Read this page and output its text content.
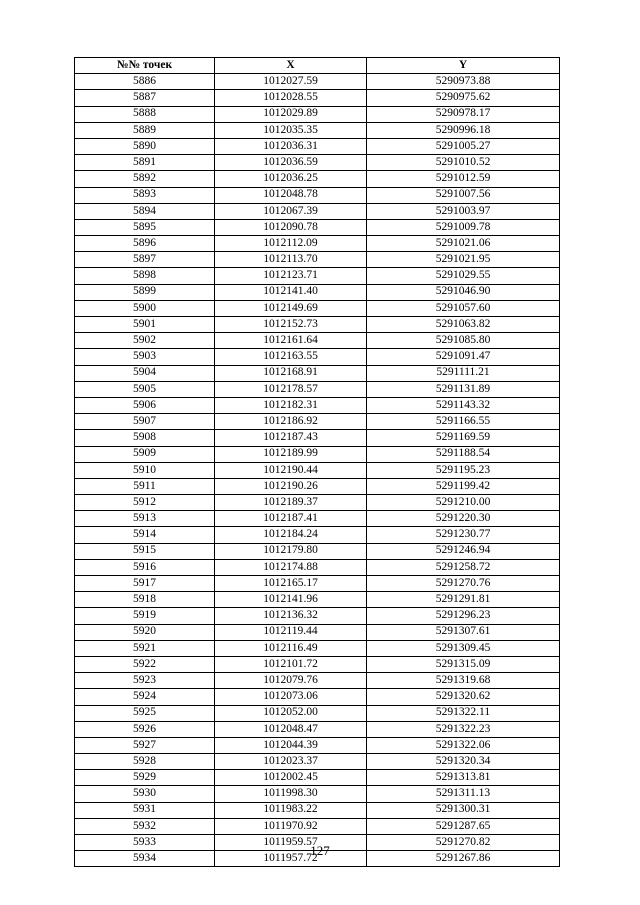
№№ точек	X	Y
5886	1012027.59	5290973.88
5887	1012028.55	5290975.62
5888	1012029.89	5290978.17
5889	1012035.35	5290996.18
5890	1012036.31	5291005.27
5891	1012036.59	5291010.52
5892	1012036.25	5291012.59
5893	1012048.78	5291007.56
5894	1012067.39	5291003.97
5895	1012090.78	5291009.78
5896	1012112.09	5291021.06
5897	1012113.70	5291021.95
5898	1012123.71	5291029.55
5899	1012141.40	5291046.90
5900	1012149.69	5291057.60
5901	1012152.73	5291063.82
5902	1012161.64	5291085.80
5903	1012163.55	5291091.47
5904	1012168.91	5291111.21
5905	1012178.57	5291131.89
5906	1012182.31	5291143.32
5907	1012186.92	5291166.55
5908	1012187.43	5291169.59
5909	1012189.99	5291188.54
5910	1012190.44	5291195.23
5911	1012190.26	5291199.42
5912	1012189.37	5291210.00
5913	1012187.41	5291220.30
5914	1012184.24	5291230.77
5915	1012179.80	5291246.94
5916	1012174.88	5291258.72
5917	1012165.17	5291270.76
5918	1012141.96	5291291.81
5919	1012136.32	5291296.23
5920	1012119.44	5291307.61
5921	1012116.49	5291309.45
5922	1012101.72	5291315.09
5923	1012079.76	5291319.68
5924	1012073.06	5291320.62
5925	1012052.00	5291322.11
5926	1012048.47	5291322.23
5927	1012044.39	5291322.06
5928	1012023.37	5291320.34
5929	1012002.45	5291313.81
5930	1011998.30	5291311.13
5931	1011983.22	5291300.31
5932	1011970.92	5291287.65
5933	1011959.57	5291270.82
5934	1011957.72	5291267.86
127
